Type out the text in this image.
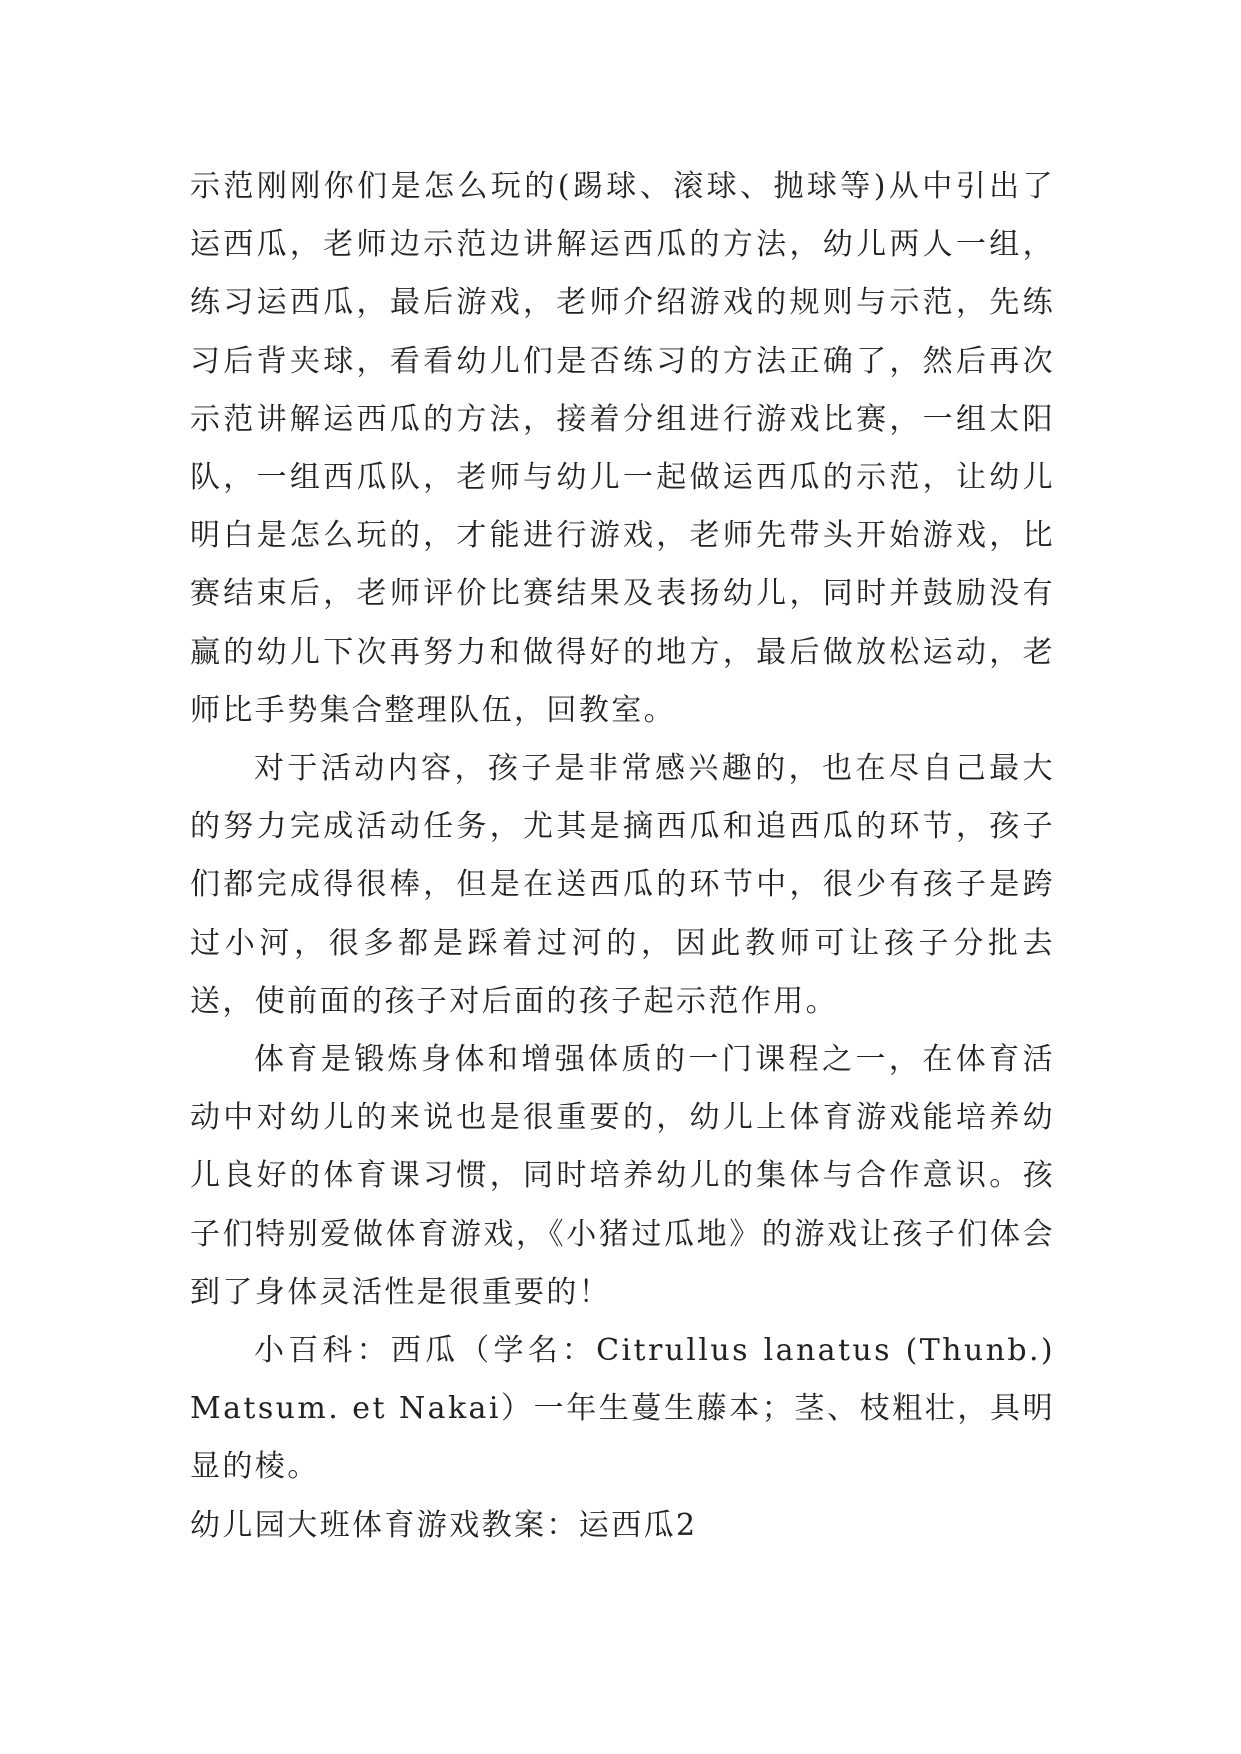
示范刚刚你们是怎么玩的(踢球、滚球、抛球等)从中引出了运西瓜，老师边示范边讲解运西瓜的方法，幼儿两人一组，练习运西瓜，最后游戏，老师介绍游戏的规则与示范，先练习后背夹球，看看幼儿们是否练习的方法正确了，然后再次示范讲解运西瓜的方法，接着分组进行游戏比赛，一组太阳队，一组西瓜队，老师与幼儿一起做运西瓜的示范，让幼儿明白是怎么玩的，才能进行游戏，老师先带头开始游戏，比赛结束后，老师评价比赛结果及表扬幼儿，同时并鼓励没有赢的幼儿下次再努力和做得好的地方，最后做放松运动，老师比手势集合整理队伍，回教室。

对于活动内容，孩子是非常感兴趣的，也在尽自己最大的努力完成活动任务，尤其是摘西瓜和追西瓜的环节，孩子们都完成得很棒，但是在送西瓜的环节中，很少有孩子是跨过小河，很多都是踩着过河的，因此教师可让孩子分批去送，使前面的孩子对后面的孩子起示范作用。

体育是锻炼身体和增强体质的一门课程之一，在体育活动中对幼儿的来说也是很重要的，幼儿上体育游戏能培养幼儿良好的体育课习惯，同时培养幼儿的集体与合作意识。孩子们特别爱做体育游戏，《小猪过瓜地》的游戏让孩子们体会到了身体灵活性是很重要的！

小百科：西瓜（学名：Citrullus lanatus (Thunb.) Matsum. et Nakai）一年生蔓生藤本；茎、枝粗壮，具明显的棱。

幼儿园大班体育游戏教案：运西瓜2
